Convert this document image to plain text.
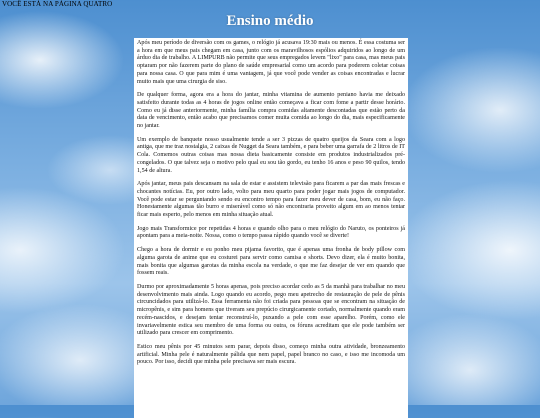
VOCÊ ESTÁ NA PÁGINA QUATRO
Ensino médio

Após meu período de diversão com os games, o relógio já acusava 19:30 mais ou menos. É essa costuma ser a hora em que meus pais chegam em casa, junto com os maravilhosos espólios adquiridos ao longo de um árduo dia de trabalho. A LIMPURB não permite que seus empregados levem "lixo" para casa, mas meus pais optaram por não fazerem parte do plano de saúde empresarial como um acordo para poderem coletar coisas para nossa casa. O que para mim é uma vantagem, já que você pode vender as coisas encontradas e lucrar muito mais que uma cirurgia de siso.

De qualquer forma, agora era a hora do jantar, minha vitamina de aumento peniano havia me deixado satisfeito durante todas as 4 horas de jogos online então começava a ficar com fome a partir desse horário. Como eu já disse anteriormente, minha família compra comidas altamente descontadas que estão perto da data de vencimento, então acabo que precisamos comer muita comida ao longo do dia, mais especificamente no jantar.

Um exemplo de banquete nosso usualmente tende a ser 3 pizzas de quatro queijos da Seara com a logo antiga, que me traz nostalgia, 2 caixas de Nugget da Seara também, e para beber uma garrafa de 2 litros de IT Cola. Comemos outras coisas mas nossa dieta basicamente consiste em produtos industrializados pré-congelados. O que talvez seja o motivo pelo qual eu sou tão gordo, eu tenho 16 anos e peso 90 quilos, tendo 1,54 de altura.

Após jantar, meus pais descansam na sala de estar e assistem televisão para ficarem a par das mais frescas e chocantes notícias. Eu, por outro lado, volto para meu quarto para poder jogar mais jogos de computador. Você pode estar se perguntando sendo eu encontro tempo para fazer meu dever de casa, bom, eu não faço. Honestamente algumas tão burro e miserável como só não encontraria proveito algum em ao menos tentar ficar mais esperto, pelo menos em minha situação atual.

Jogo mais Transformice por repetidas 4 horas e quando olho para o meu relógio do Naruto, os ponteiros já apontam para a meia-noite. Nossa, como o tempo passa rápido quando você se diverte!

Chego a hora de dormir e eu ponho meu pijama favorito, que é apenas uma fronha de body pillow com alguma garota de anime que eu costurei para servir como camisa e shorts. Devo dizer, ela é muito bonita, mais bonita que algumas garotas da minha escola na verdade, o que me faz desejar de ver em quando que fossem reais.

Durmo por aproximadamente 5 horas apenas, pois preciso acordar cedo as 5 da manhã para trabalhar no meu desenvolvimento mais ainda. Logo quando eu acordo, pego meu apetrecho de restauração de pele de pênis circuncidados para utilizá-lo. Essa ferramenta não foi criada para pessoas que se encontram na situação de micropênis, e sim para homens que tiveram seu prepúcio cirurgicamente cortado, normalmente quando eram recém-nascidos, e desejam tentar reconstruí-lo, puxando a pele com esse aparelho. Porém, como ele invariavelmente estica seu membro de uma forma ou outra, os fóruns acreditam que ele pode também ser utilizado para crescer em comprimento.

Estico meu pênis por 45 minutos sem parar, depois disso, começo minha outra atividade, bronzeamento artificial. Minha pele é naturalmente pálida que nem papel, papel branco no caso, e isso me incomoda um pouco. Por isso, decidi que minha pele precisava ser mais escura.
